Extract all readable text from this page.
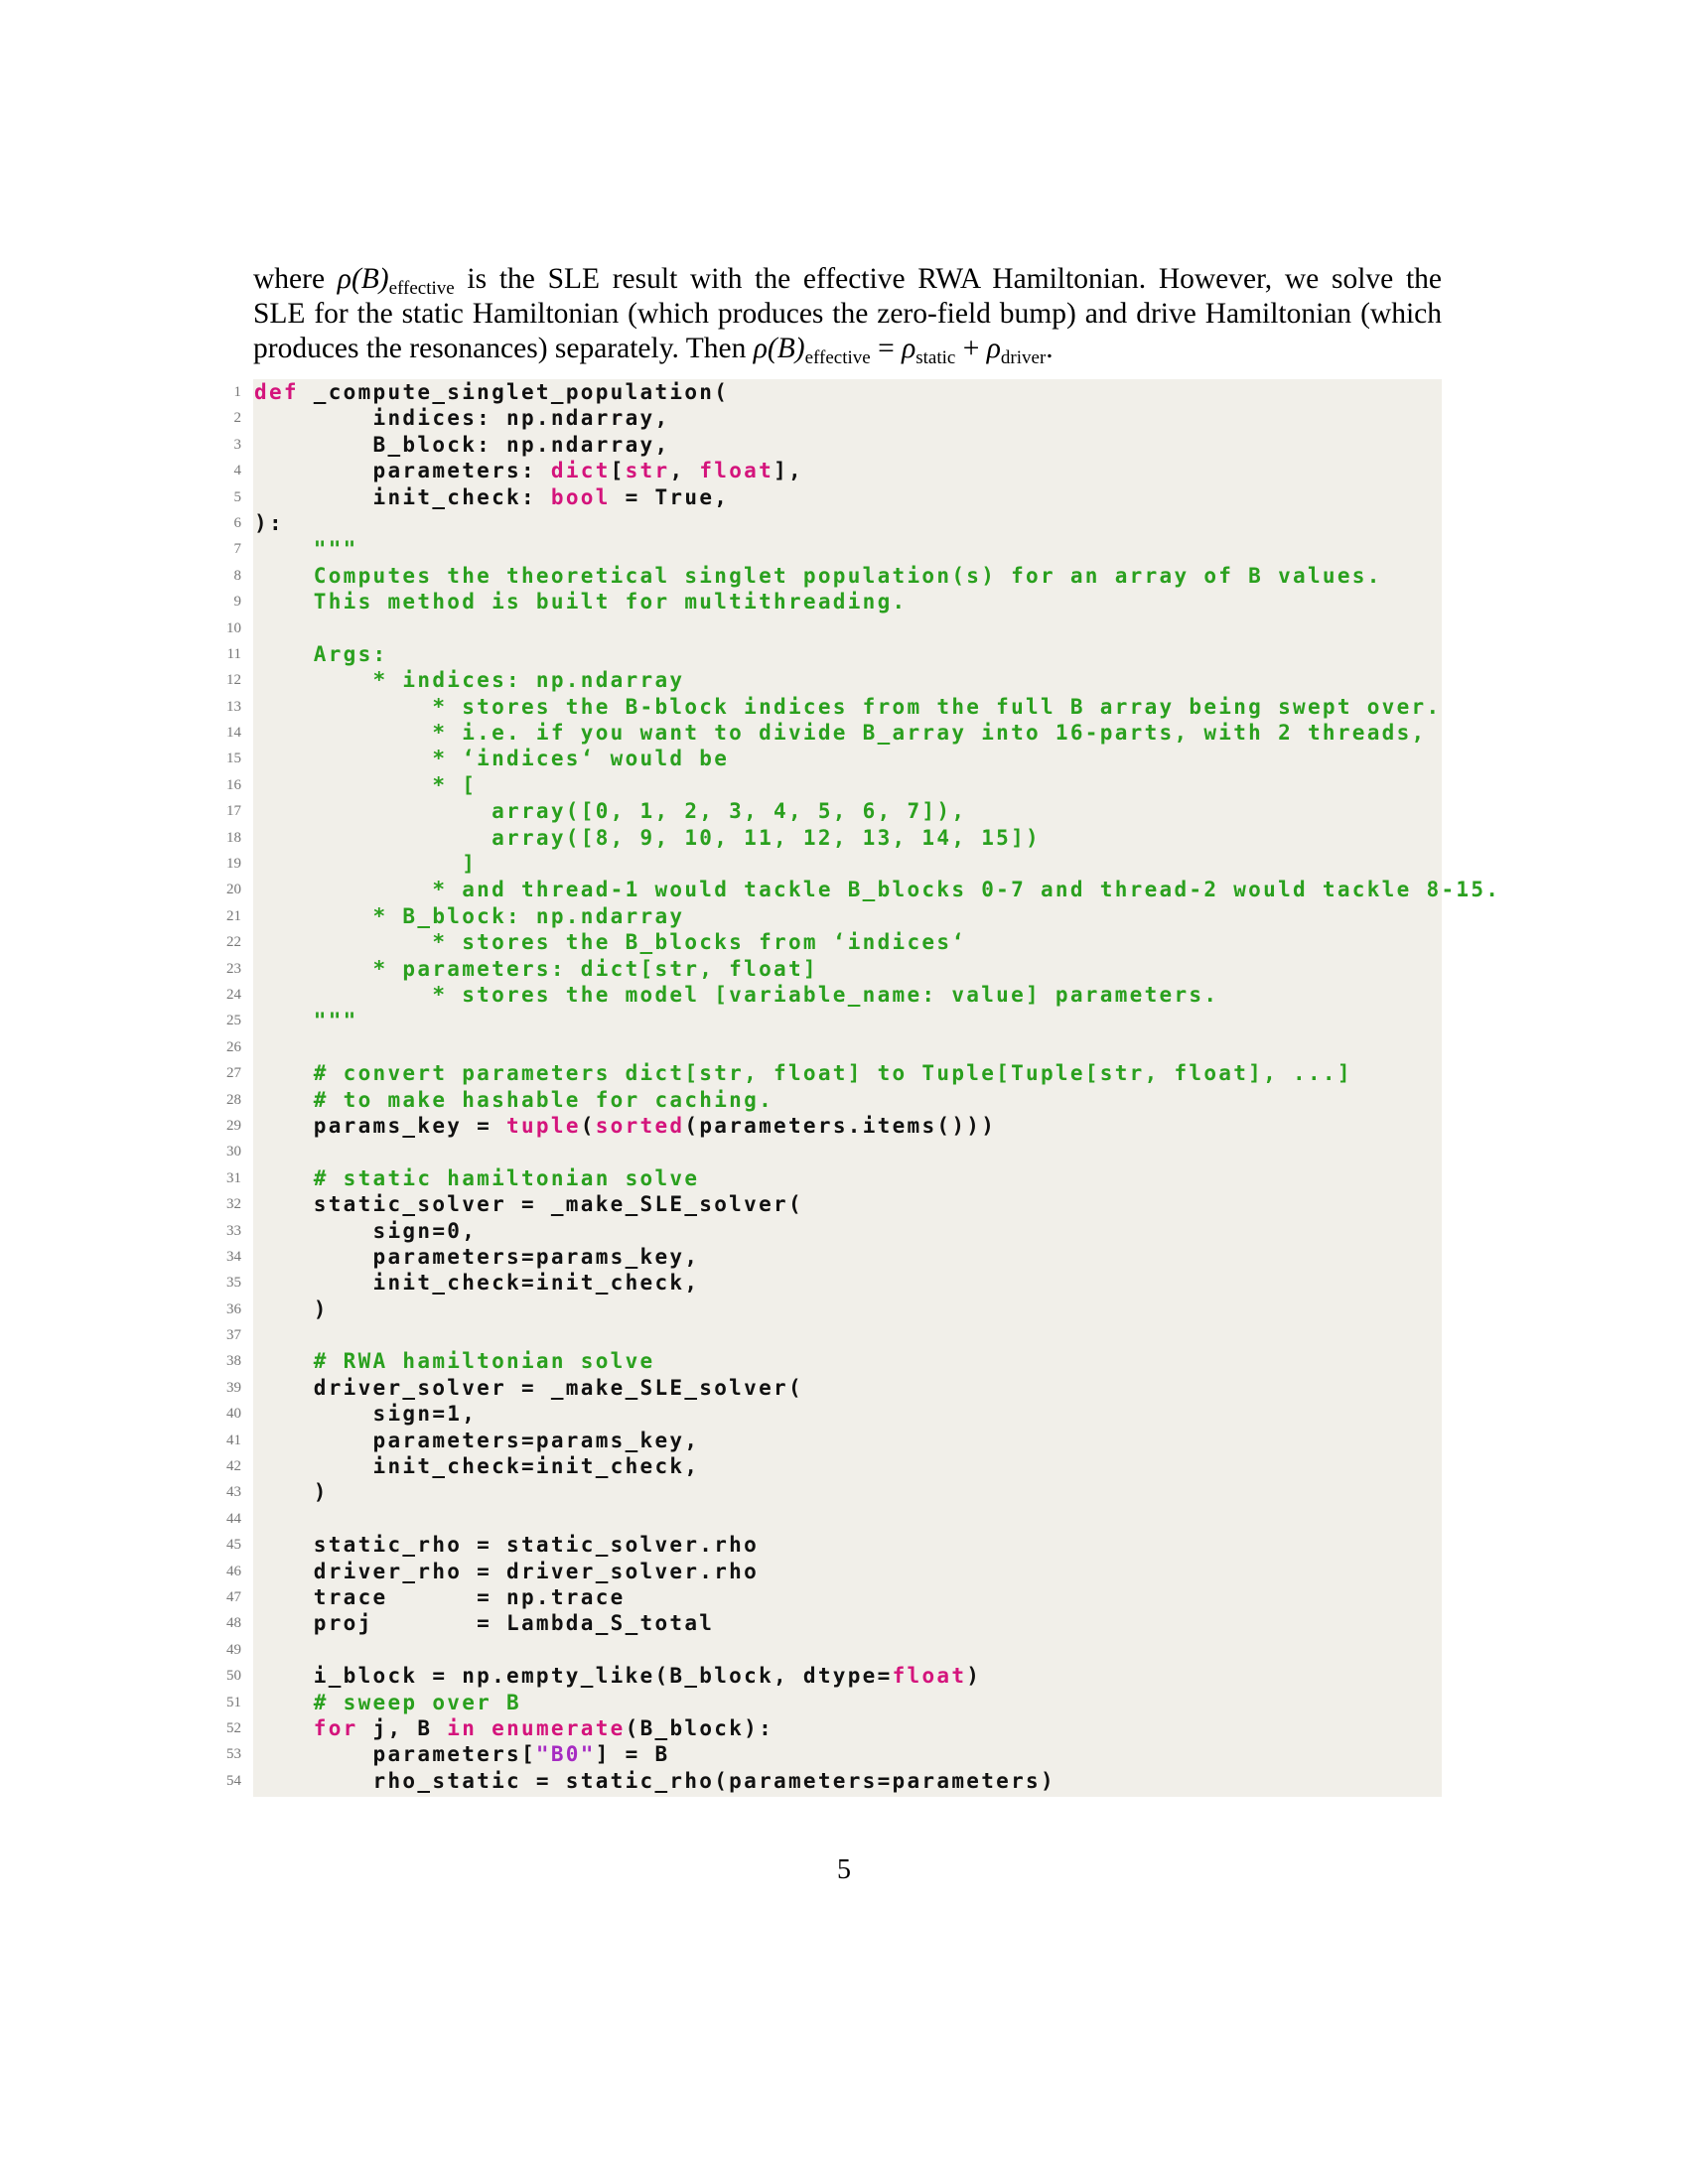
where $\rho(B)_{effective}$ is the SLE result with the effective RWA Hamiltonian. However, we solve the
SLE for the static Hamiltonian (which produces the zero-field bump) and drive Hamiltonian (which
produces the resonances) separately. Then $\rho(B)_{effective} = \rho_{static} + \rho_{driver}$.
1 def _compute_singlet_population(
2 indices: np.ndarray,
3 B_block: np.ndarray,
4 parameters: dict[str, float],
5 init_check: bool = True,
6 ):
7 """
8 Computes the theoretical singlet population(s) for an array of B values.
9 This method is built for multithreading.
10
11 Args:
12 * indices: np.ndarray
13 * stores the B-block indices from the full B array being swept over.
14 * i.e. if you want to divide B_array into 16-parts, with 2 threads,
15 * ‘indices‘ would be
16 * [
17 array([0, 1, 2, 3, 4, 5, 6, 7]),
18 array([8, 9, 10, 11, 12, 13, 14, 15])
19 ]
20 * and thread-1 would tackle B_blocks 0-7 and thread-2 would tackle 8-15.
21 * B_block: np.ndarray
22 * stores the B_blocks from ‘indices‘
23 * parameters: dict[str, float]
24 * stores the model [variable_name: value] parameters.
25 """
26
27 # convert parameters dict[str, float] to Tuple[Tuple[str, float], ...]
28 # to make hashable for caching.
29 params_key = tuple(sorted(parameters.items()))
30
31 # static hamiltonian solve
32 static_solver = _make_SLE_solver(
33 sign=0,
34 parameters=params_key,
35 init_check=init_check,
36 )
37
38 # RWA hamiltonian solve
39 driver_solver = _make_SLE_solver(
40 sign=1,
41 parameters=params_key,
42 init_check=init_check,
43 )
44
45 static_rho = static_solver.rho
46 driver_rho = driver_solver.rho
47 trace      = np.trace
48 proj       = Lambda_S_total
49
50 i_block = np.empty_like(B_block, dtype=float)
51 # sweep over B
52 for j, B in enumerate(B_block):
53 parameters["B0"] = B
54 rho_static = static_rho(parameters=parameters)
5
